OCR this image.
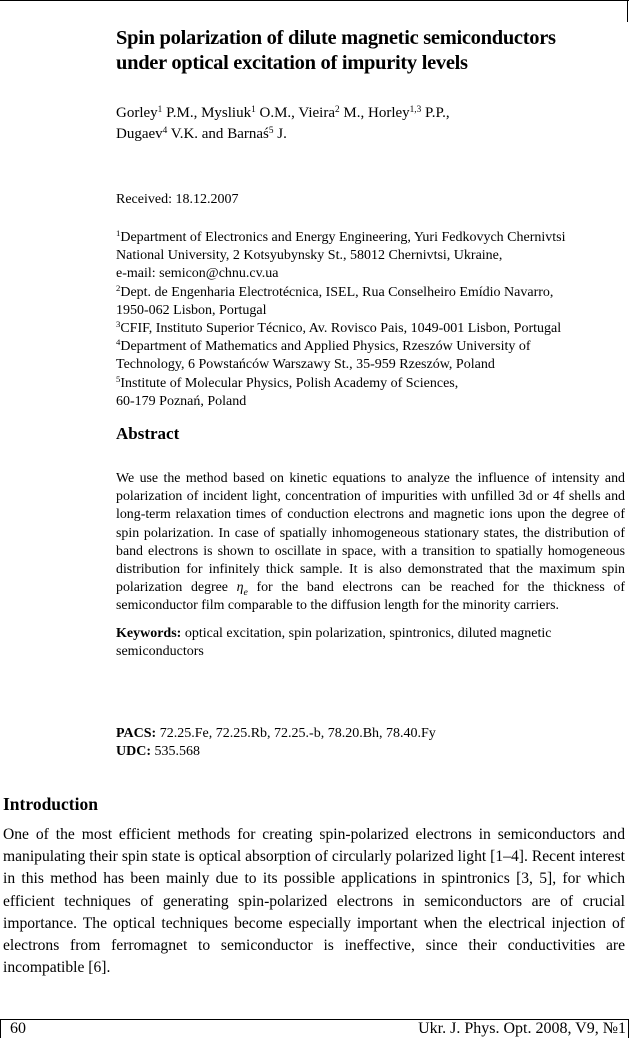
Spin polarization of dilute magnetic semiconductors
under optical excitation of impurity levels
Gorley$^1$ P.M., Mysliuk$^1$ O.M., Vieira$^2$ M., Horley$^{1,3}$ P.P.,
Dugaev$^4$ V.K. and Barnaś$^5$ J.
Received: 18.12.2007
$^1$Department of Electronics and Energy Engineering, Yuri Fedkovych Chernivtsi
National University, 2 Kotsyubynsky St., 58012 Chernivtsi, Ukraine,
e-mail: semicon@chnu.cv.ua
$^2$Dept. de Engenharia Electrotécnica, ISEL, Rua Conselheiro Emídio Navarro,
1950-062 Lisbon, Portugal
$^3$CFIF, Instituto Superior Técnico, Av. Rovisco Pais, 1049-001 Lisbon, Portugal
$^4$Department of Mathematics and Applied Physics, Rzeszów University of
Technology, 6 Powstańców Warszawy St., 35-959 Rzeszów, Poland
$^5$Institute of Molecular Physics, Polish Academy of Sciences,
60-179 Poznań, Poland
Abstract
We use the method based on kinetic equations to analyze the influence of intensity and polarization of incident light, concentration of impurities with unfilled 3d or 4f shells and long-term relaxation times of conduction electrons and magnetic ions upon the degree of spin polarization. In case of spatially inhomogeneous stationary states, the distribution of band electrons is shown to oscillate in space, with a transition to spatially homogeneous distribution for infinitely thick sample. It is also demonstrated that the maximum spin polarization degree $\eta_e$ for the band electrons can be reached for the thickness of semiconductor film comparable to the diffusion length for the minority carriers.
Keywords: optical excitation, spin polarization, spintronics, diluted magnetic semiconductors
PACS: 72.25.Fe, 72.25.Rb, 72.25.-b, 78.20.Bh, 78.40.Fy
UDC: 535.568
Introduction
One of the most efficient methods for creating spin-polarized electrons in semiconductors and manipulating their spin state is optical absorption of circularly polarized light [1–4]. Recent interest in this method has been mainly due to its possible applications in spintronics [3, 5], for which efficient techniques of generating spin-polarized electrons in semiconductors are of crucial importance. The optical techniques become especially important when the electrical injection of electrons from ferromagnet to semiconductor is ineffective, since their conductivities are incompatible [6].
60	Ukr. J. Phys. Opt. 2008, V9, №1
